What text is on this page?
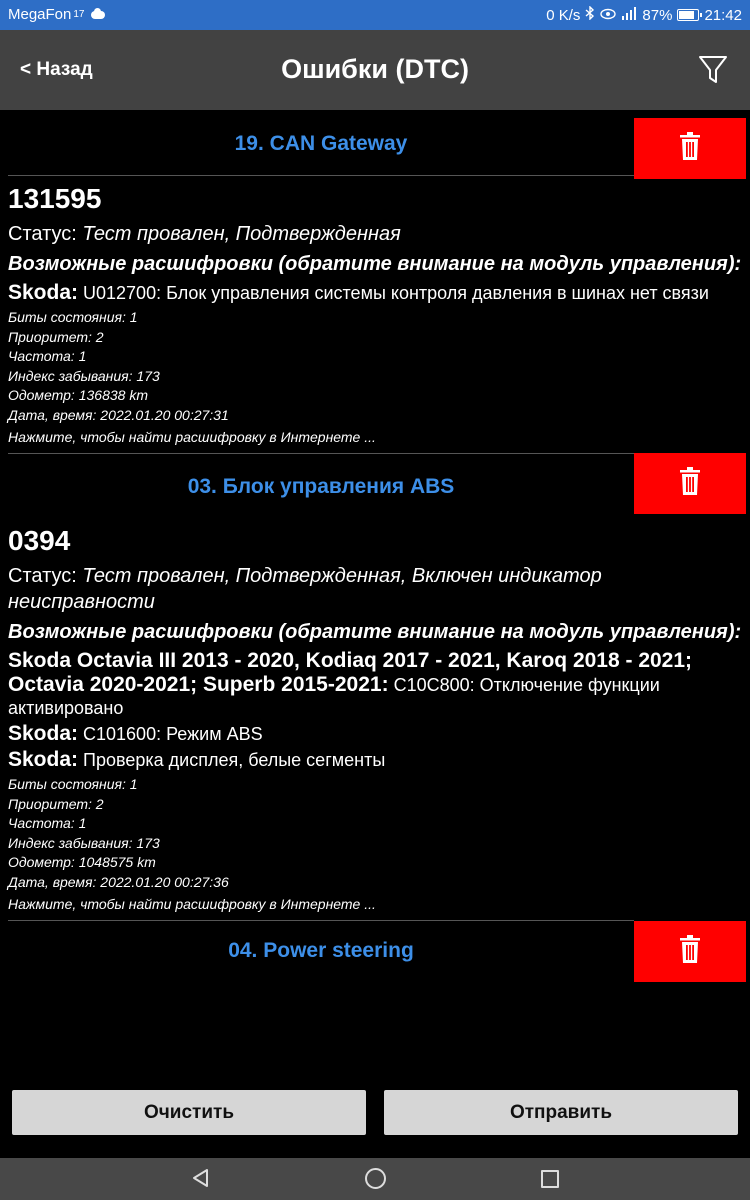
MegaFon 17	0 K/s	87% 21:42
< Назад	Ошибки (DTC)
19. CAN Gateway
131595
Статус: Тест провален, Подтвержденная
Возможные расшифровки (обратите внимание на модуль управления):
Skoda: U012700: Блок управления системы контроля давления в шинах нет связи
Биты состояния: 1
Приоритет: 2
Частота: 1
Индекс забывания: 173
Одометр: 136838 km
Дата, время: 2022.01.20 00:27:31
Нажмите, чтобы найти расшифровку в Интернете ...
03. Блок управления ABS
0394
Статус: Тест провален, Подтвержденная, Включен индикатор неисправности
Возможные расшифровки (обратите внимание на модуль управления):
Skoda Octavia III 2013 - 2020, Kodiaq 2017 - 2021, Karoq 2018 - 2021; Octavia 2020-2021; Superb 2015-2021: C10C800: Отключение функции активировано
Skoda: C101600: Режим ABS
Skoda: Проверка дисплея, белые сегменты
Биты состояния: 1
Приоритет: 2
Частота: 1
Индекс забывания: 173
Одометр: 1048575 km
Дата, время: 2022.01.20 00:27:36
Нажмите, чтобы найти расшифровку в Интернете ...
04. Power steering
Очистить	Отправить
